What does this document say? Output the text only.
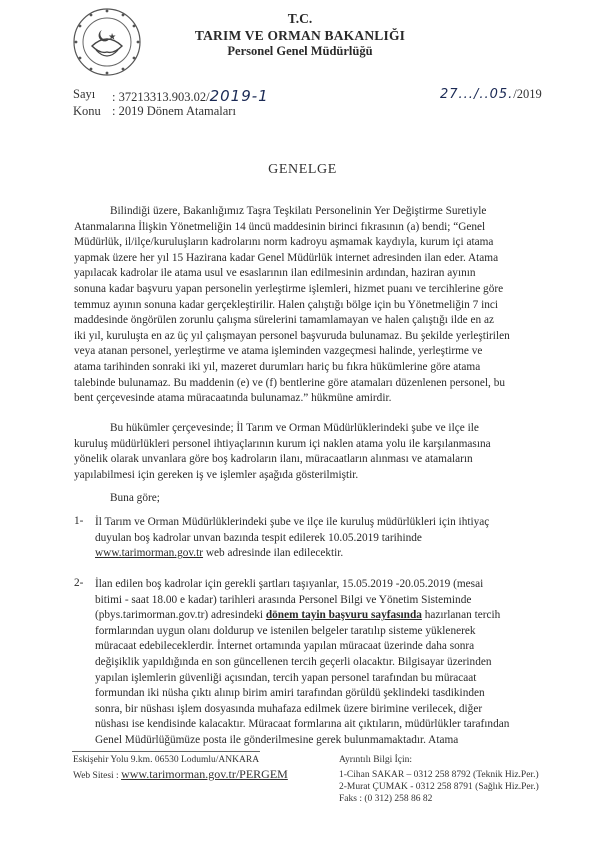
T.C.
TARIM VE ORMAN BAKANLIĞI
Personel Genel Müdürlüğü
Sayı : 37213313.903.02/2019-1
Konu : 2019 Dönem Atamaları
27.../..05./2019
GENELGE
Bilindiği üzere, Bakanlığımız Taşra Teşkilatı Personelinin Yer Değiştirme Suretiyle
Atanmalarına İlişkin Yönetmeliğin 14 üncü maddesinin birinci fıkrasının (a) bendi; “Genel
Müdürlük, il/ilçe/kuruluşların kadrolarını norm kadroyu aşmamak kaydıyla, kurum içi atama
yapmak üzere her yıl 15 Hazirana kadar Genel Müdürlük internet adresinden ilan eder. Atama
yapılacak kadrolar ile atama usul ve esaslarının ilan edilmesinin ardından, haziran ayının
sonuna kadar başvuru yapan personelin yerleştirme işlemleri, hizmet puanı ve tercihlerine göre
temmuz ayının sonuna kadar gerçekleştirilir. Halen çalıştığı bölge için bu Yönetmeliğin 7 inci
maddesinde öngörülen zorunlu çalışma sürelerini tamamlamayan ve halen çalıştığı ilde en az
iki yıl, kuruluşta en az üç yıl çalışmayan personel başvuruda bulunamaz. Bu şekilde yerleştirilen
veya atanan personel, yerleştirme ve atama işleminden vazgeçmesi halinde, yerleştirme ve
atama tarihinden sonraki iki yıl, mazeret durumları hariç bu fıkra hükümlerine göre atama
talebinde bulunamaz. Bu maddenin (e) ve (f) bentlerine göre atamaları düzenlenen personel, bu
bent çerçevesinde atama müracaatında bulunamaz.” hükmüne amirdir.
Bu hükümler çerçevesinde; İl Tarım ve Orman Müdürlüklerindeki şube ve ilçe ile
kuruluş müdürlükleri personel ihtiyaçlarının kurum içi naklen atama yolu ile karşılanmasına
yönelik olarak unvanlara göre boş kadroların ilanı, müracaatların alınması ve atamaların
yapılabilmesi için gereken iş ve işlemler aşağıda gösterilmiştir.
Buna göre;
1- İl Tarım ve Orman Müdürlüklerindeki şube ve ilçe ile kuruluş müdürlükleri için ihtiyaç
duyulan boş kadrolar unvan bazında tespit edilerek 10.05.2019 tarihinde
www.tarimorman.gov.tr web adresinde ilan edilecektir.
2- İlan edilen boş kadrolar için gerekli şartları taşıyanlar, 15.05.2019 -20.05.2019 (mesai
bitimi - saat 18.00 e kadar) tarihleri arasında Personel Bilgi ve Yönetim Sisteminde
(pbys.tarimorman.gov.tr) adresindeki dönem tayin başvuru sayfasında hazırlanan tercih
formlarından uygun olanı doldurup ve istenilen belgeler taratılıp sisteme yüklenerek
müracaat edebileceklerdir. İnternet ortamında yapılan müracaat üzerinde daha sonra
değişiklik yapıldığında en son güncellenen tercih geçerli olacaktır. Bilgisayar üzerinden
yapılan işlemlerin güvenliği açısından, tercih yapan personel tarafından bu müracaat
formundan iki nüsha çıktı alınıp birim amiri tarafından görüldü şeklindeki tasdikinden
sonra, bir nüshası işlem dosyasında muhafaza edilmek üzere birimine verilecek, diğer
nüshası ise kendisinde kalacaktır. Müracaat formlarına ait çıktıların, müdürlükler tarafından
Genel Müdürlüğümüze posta ile gönderilmesine gerek bulunmamaktadır. Atama
Eskişehir Yolu 9.km. 06530 Lodumlu/ANKARA
Web Sitesi : www.tarimorman.gov.tr/PERGEM
Ayrıntılı Bilgi İçin:
1-Cihan SAKAR – 0312 258 8792 (Teknik Hiz.Per.)
2-Murat ÇUMAK - 0312 258 8791 (Sağlık Hiz.Per.)
Faks : (0 312) 258 86 82
